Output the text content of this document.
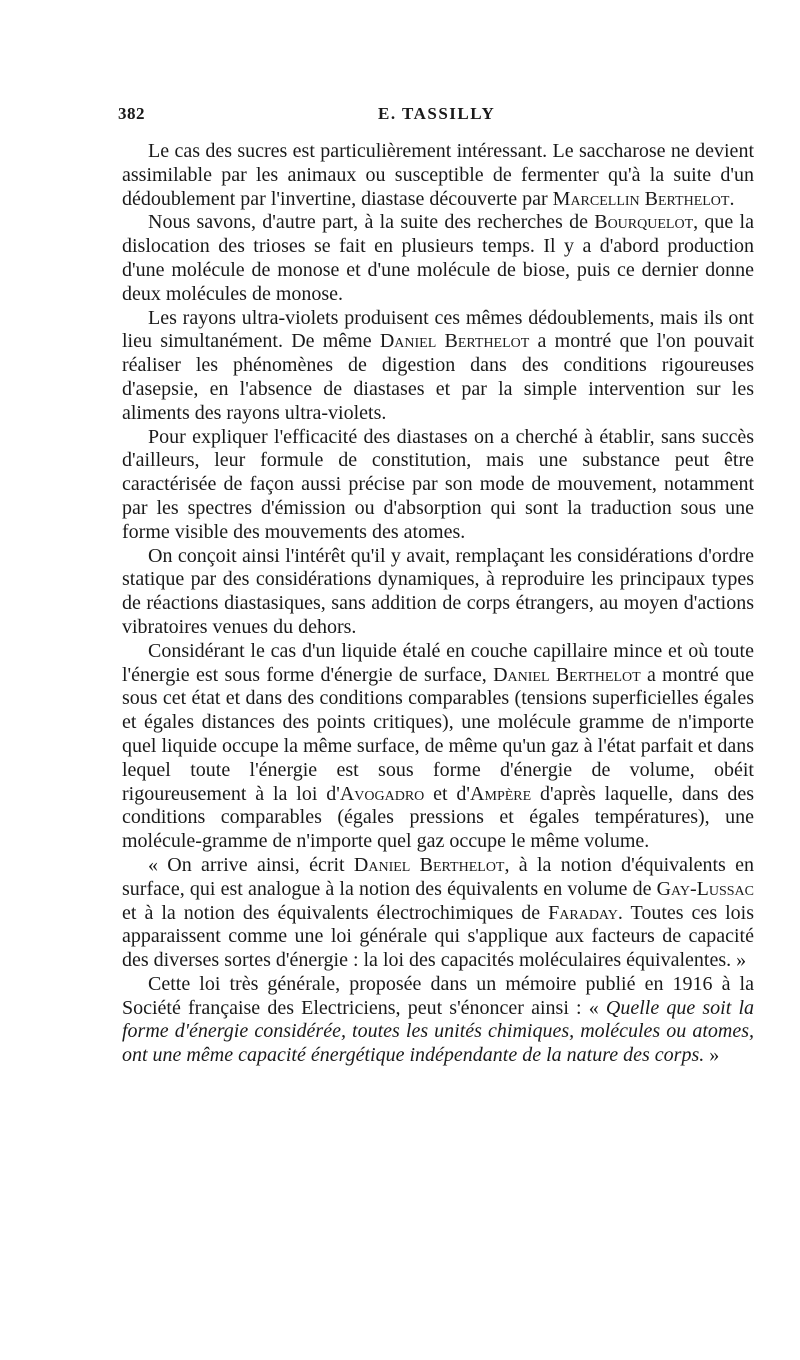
382	E. TASSILLY

Le cas des sucres est particulièrement intéressant. Le saccharose ne devient assimilable par les animaux ou susceptible de fermenter qu'à la suite d'un dédoublement par l'invertine, diastase découverte par Marcellin Berthelot.

Nous savons, d'autre part, à la suite des recherches de Bourquelot, que la dislocation des trioses se fait en plusieurs temps. Il y a d'abord production d'une molécule de monose et d'une molécule de biose, puis ce dernier donne deux molécules de monose.

Les rayons ultra-violets produisent ces mêmes dédoublements, mais ils ont lieu simultanément. De même Daniel Berthelot a montré que l'on pouvait réaliser les phénomènes de digestion dans des conditions rigoureuses d'asepsie, en l'absence de diastases et par la simple intervention sur les aliments des rayons ultra-violets.

Pour expliquer l'efficacité des diastases on a cherché à établir, sans succès d'ailleurs, leur formule de constitution, mais une substance peut être caractérisée de façon aussi précise par son mode de mouvement, notamment par les spectres d'émission ou d'absorption qui sont la traduction sous une forme visible des mouvements des atomes.

On conçoit ainsi l'intérêt qu'il y avait, remplaçant les considérations d'ordre statique par des considérations dynamiques, à reproduire les principaux types de réactions diastasiques, sans addition de corps étrangers, au moyen d'actions vibratoires venues du dehors.

Considérant le cas d'un liquide étalé en couche capillaire mince et où toute l'énergie est sous forme d'énergie de surface, Daniel Berthelot a montré que sous cet état et dans des conditions comparables (tensions superficielles égales et égales distances des points critiques), une molécule gramme de n'importe quel liquide occupe la même surface, de même qu'un gaz à l'état parfait et dans lequel toute l'énergie est sous forme d'énergie de volume, obéit rigoureusement à la loi d'Avogadro et d'Ampère d'après laquelle, dans des conditions comparables (égales pressions et égales températures), une molécule-gramme de n'importe quel gaz occupe le même volume.

« On arrive ainsi, écrit Daniel Berthelot, à la notion d'équivalents en surface, qui est analogue à la notion des équivalents en volume de Gay-Lussac et à la notion des équivalents électrochimiques de Faraday. Toutes ces lois apparaissent comme une loi générale qui s'applique aux facteurs de capacité des diverses sortes d'énergie : la loi des capacités moléculaires équivalentes. »

Cette loi très générale, proposée dans un mémoire publié en 1916 à la Société française des Electriciens, peut s'énoncer ainsi : « Quelle que soit la forme d'énergie considérée, toutes les unités chimiques, molécules ou atomes, ont une même capacité énergétique indépendante de la nature des corps. »
